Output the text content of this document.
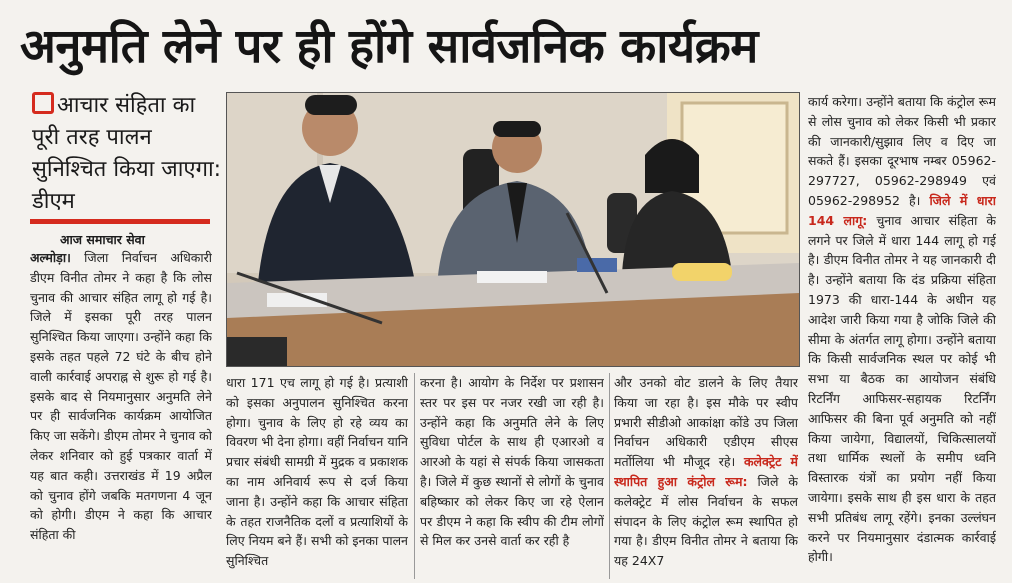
अनुमति लेने पर ही होंगे सार्वजनिक कार्यक्रम
आचार संहिता का पूरी तरह पालन सुनिश्चित किया जाएगा: डीएम
आज समाचार सेवा

अल्मोड़ा। जिला निर्वाचन अधिकारी डीएम विनीत तोमर ने कहा है कि लोस चुनाव की आचार संहित लागू हो गई है। जिले में इसका पूरी तरह पालन सुनिश्चित किया जाएगा। उन्होंने कहा कि इसके तहत पहले 72 घंटे के बीच होने वाली कार्रवाई अपराह्न से शुरू हो गई है। इसके बाद से नियमानुसार अनुमति लेने पर ही सार्वजनिक कार्यक्रम आयोजित किए जा सकेंगे। डीएम तोमर ने चुनाव को लेकर शनिवार को हुई पत्रकार वार्ता में यह बात कही। उत्तराखंड में 19 अप्रैल को चुनाव होंगे जबकि मतगणना 4 जून को होगी। डीएम ने कहा कि आचार संहिता की

धारा 171 एच लागू हो गई है। प्रत्याशी को इसका अनुपालन सुनिश्चित करना होगा। चुनाव के लिए हो रहे व्यय का विवरण भी देना होगा। वहीं निर्वाचन यानि प्रचार संबंधी सामग्री में मुद्रक व प्रकाशक का नाम अनिवार्य रूप से दर्ज किया जाना है। उन्होंने कहा कि आचार संहिता के तहत राजनैतिक दलों व प्रत्याशियों के लिए नियम बने हैं। सभी को इनका पालन सुनिश्चित

करना है। आयोग के निर्देश पर प्रशासन स्तर पर इस पर नजर रखी जा रही है। उन्होंने कहा कि अनुमति लेने के लिए सुविधा पोर्टल के साथ ही एआरओ व आरओ के यहां से संपर्क किया जासकता है। जिले में कुछ स्थानों से लोगों के चुनाव बहिष्कार को लेकर किए जा रहे ऐलान पर डीएम ने कहा कि स्वीप की टीम लोगों से मिल कर उनसे वार्ता कर रही है

और उनको वोट डालने के लिए तैयार किया जा रहा है। इस मौके पर स्वीप प्रभारी सीडीओ आकांक्षा कोंडे उप जिला निर्वाचन अधिकारी एडीएम सीएस मर्तोलिया भी मौजूद रहे। कलेक्ट्रेट में स्थापित हुआ कंट्रोल रूम: जिले के कलेक्ट्रेट में लोस निर्वाचन के सफल संपादन के लिए कंट्रोल रूम स्थापित हो गया है। डीएम विनीत तोमर ने बताया कि यह 24X7

कार्य करेगा। उन्होंने बताया कि कंट्रोल रूम से लोस चुनाव को लेकर किसी भी प्रकार की जानकारी/सुझाव लिए व दिए जा सकते हैं। इसका दूरभाष नम्बर 05962-297727, 05962-298949 एवं 05962-298952 है। जिले में धारा 144 लागू: चुनाव आचार संहिता के लगने पर जिले में धारा 144 लागू हो गई है। डीएम विनीत तोमर ने यह जानकारी दी है। उन्होंने बताया कि दंड प्रक्रिया संहिता 1973 की धारा-144 के अधीन यह आदेश जारी किया गया है जोकि जिले की सीमा के अंतर्गत लागू होगा। उन्होंने बताया कि किसी सार्वजनिक स्थल पर कोई भी सभा या बैठक का आयोजन संबंधि रिटर्निंग आफिसर-सहायक रिटर्निंग आफिसर की बिना पूर्व अनुमति को नहीं किया जायेगा, विद्यालयों, चिकित्सालयों तथा धार्मिक स्थलों के समीप ध्वनि विस्तारक यंत्रों का प्रयोग नहीं किया जायेगा। इसके साथ ही इस धारा के तहत सभी प्रतिबंध लागू रहेंगे। इनका उल्लंघन करने पर नियमानुसार दंडात्मक कार्रवाई होगी।
